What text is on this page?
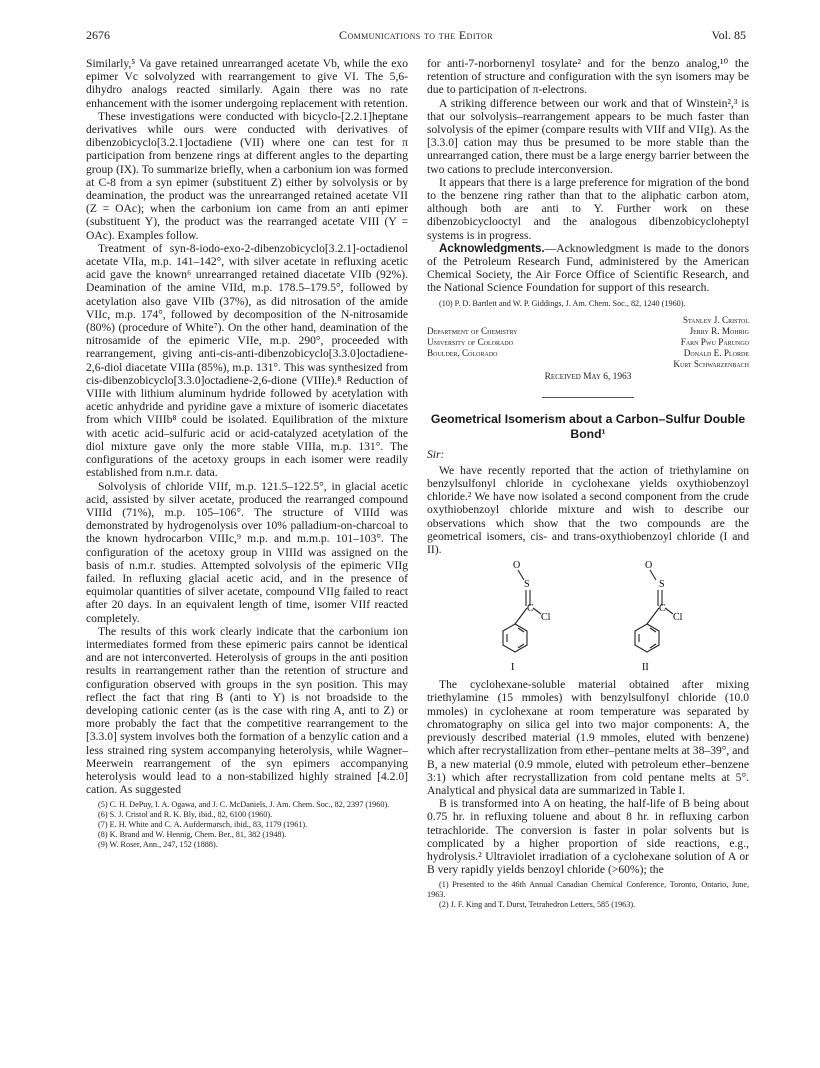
2676	Communications to the Editor	Vol. 85

Similarly,⁵ Va gave retained unrearranged acetate Vb, while the exo epimer Vc solvolyzed with rearrangement to give VI. The 5,6-dihydro analogs reacted similarly. Again there was no rate enhancement with the isomer undergoing replacement with retention.

These investigations were conducted with bicyclo-[2.2.1]heptane derivatives while ours were conducted with derivatives of dibenzobicyclo[3.2.1]octadiene (VII) where one can test for π participation from benzene rings at different angles to the departing group (IX). To summarize briefly, when a carbonium ion was formed at C-8 from a syn epimer (substituent Z) either by solvolysis or by deamination, the product was the unrearranged retained acetate VII (Z = OAc); when the carbonium ion came from an anti epimer (substituent Y), the product was the rearranged acetate VIII (Y = OAc). Examples follow.

Treatment of syn-8-iodo-exo-2-dibenzobicyclo[3.2.1]-octadienol acetate VIIa, m.p. 141–142°, with silver acetate in refluxing acetic acid gave the known⁶ unrearranged retained diacetate VIIb (92%). Deamination of the amine VIId, m.p. 178.5–179.5°, followed by acetylation also gave VIIb (37%), as did nitrosation of the amide VIIc, m.p. 174°, followed by decomposition of the N-nitrosamide (80%) (procedure of White⁷). On the other hand, deamination of the nitrosamide of the epimeric VIIe, m.p. 290°, proceeded with rearrangement, giving anti-cis-anti-dibenzobicyclo[3.3.0]octadiene-2,6-diol diacetate VIIIa (85%), m.p. 131°. This was synthesized from cis-dibenzobicyclo[3.3.0]octadiene-2,6-dione (VIIIe).⁸ Reduction of VIIIe with lithium aluminum hydride followed by acetylation with acetic anhydride and pyridine gave a mixture of isomeric diacetates from which VIIIb⁸ could be isolated. Equilibration of the mixture with acetic acid–sulfuric acid or acid-catalyzed acetylation of the diol mixture gave only the more stable VIIIa, m.p. 131°. The configurations of the acetoxy groups in each isomer were readily established from n.m.r. data.

Solvolysis of chloride VIIf, m.p. 121.5–122.5°, in glacial acetic acid, assisted by silver acetate, produced the rearranged compound VIIId (71%), m.p. 105–106°. The structure of VIIId was demonstrated by hydrogenolysis over 10% palladium-on-charcoal to the known hydrocarbon VIIIc,⁹ m.p. and m.m.p. 101–103°. The configuration of the acetoxy group in VIIId was assigned on the basis of n.m.r. studies. Attempted solvolysis of the epimeric VIIg failed. In refluxing glacial acetic acid, and in the presence of equimolar quantities of silver acetate, compound VIIg failed to react after 20 days. In an equivalent length of time, isomer VIIf reacted completely.

The results of this work clearly indicate that the carbonium ion intermediates formed from these epimeric pairs cannot be identical and are not interconverted. Heterolysis of groups in the anti position results in rearrangement rather than the retention of structure and configuration observed with groups in the syn position. This may reflect the fact that ring B (anti to Y) is not broadside to the developing cationic center (as is the case with ring A, anti to Z) or more probably the fact that the competitive rearrangement to the [3.3.0] system involves both the formation of a benzylic cation and a less strained ring system accompanying heterolysis, while Wagner–Meerwein rearrangement of the syn epimers accompanying heterolysis would lead to a non-stabilized highly strained [4.2.0] cation. As suggested

(5) C. H. DePuy, I. A. Ogawa, and J. C. McDaniels, J. Am. Chem. Soc., 82, 2397 (1960).

(6) S. J. Cristol and R. K. Bly, ibid., 82, 6100 (1960).

(7) E. H. White and C. A. Aufdermarsch, ibid., 83, 1179 (1961).

(8) K. Brand and W. Hennig, Chem. Ber., 81, 382 (1948).

(9) W. Roser, Ann., 247, 152 (1888).

for anti-7-norbornenyl tosylate² and for the benzo analog,¹⁰ the retention of structure and configuration with the syn isomers may be due to participation of π-electrons.

A striking difference between our work and that of Winstein²,³ is that our solvolysis–rearrangement appears to be much faster than solvolysis of the epimer (compare results with VIIf and VIIg). As the [3.3.0] cation may thus be presumed to be more stable than the unrearranged cation, there must be a large energy barrier between the two cations to preclude interconversion.

It appears that there is a large preference for migration of the bond to the benzene ring rather than that to the aliphatic carbon atom, although both are anti to Y. Further work on these dibenzobicyclooctyl and the analogous dibenzobicycloheptyl systems is in progress.

Acknowledgments.—Acknowledgment is made to the donors of the Petroleum Research Fund, administered by the American Chemical Society, the Air Force Office of Scientific Research, and the National Science Foundation for support of this research.

(10) P. D. Bartlett and W. P. Giddings, J. Am. Chem. Soc., 82, 1240 (1960).

Stanley J. Cristol
Department of Chemistry	Jerry R. Mohrig
University of Colorado	Farn Pwu Parungo
Boulder, Colorado	Donald E. Plorde
Kurt Schwarzenbach
Received May 6, 1963
Geometrical Isomerism about a Carbon–Sulfur Double Bond¹
Sir:

We have recently reported that the action of triethylamine on benzylsulfonyl chloride in cyclohexane yields oxythiobenzoyl chloride.² We have now isolated a second component from the crude oxythiobenzoyl chloride mixture and wish to describe our observations which show that the two compounds are the geometrical isomers, cis- and trans-oxythiobenzoyl chloride (I and II).

C
S
O
Cl
I
C
S
O
Cl
II

The cyclohexane-soluble material obtained after mixing triethylamine (15 mmoles) with benzylsulfonyl chloride (10.0 mmoles) in cyclohexane at room temperature was separated by chromatography on silica gel into two major components: A, the previously described material (1.9 mmoles, eluted with benzene) which after recrystallization from ether–pentane melts at 38–39°, and B, a new material (0.9 mmole, eluted with petroleum ether–benzene 3:1) which after recrystallization from cold pentane melts at 5°. Analytical and physical data are summarized in Table I.

B is transformed into A on heating, the half-life of B being about 0.75 hr. in refluxing toluene and about 8 hr. in refluxing carbon tetrachloride. The conversion is faster in polar solvents but is complicated by a higher proportion of side reactions, e.g., hydrolysis.² Ultraviolet irradiation of a cyclohexane solution of A or B very rapidly yields benzoyl chloride (>60%); the

(1) Presented to the 46th Annual Canadian Chemical Conference, Toronto, Ontario, June, 1963.

(2) J. F. King and T. Durst, Tetrahedron Letters, 585 (1963).
